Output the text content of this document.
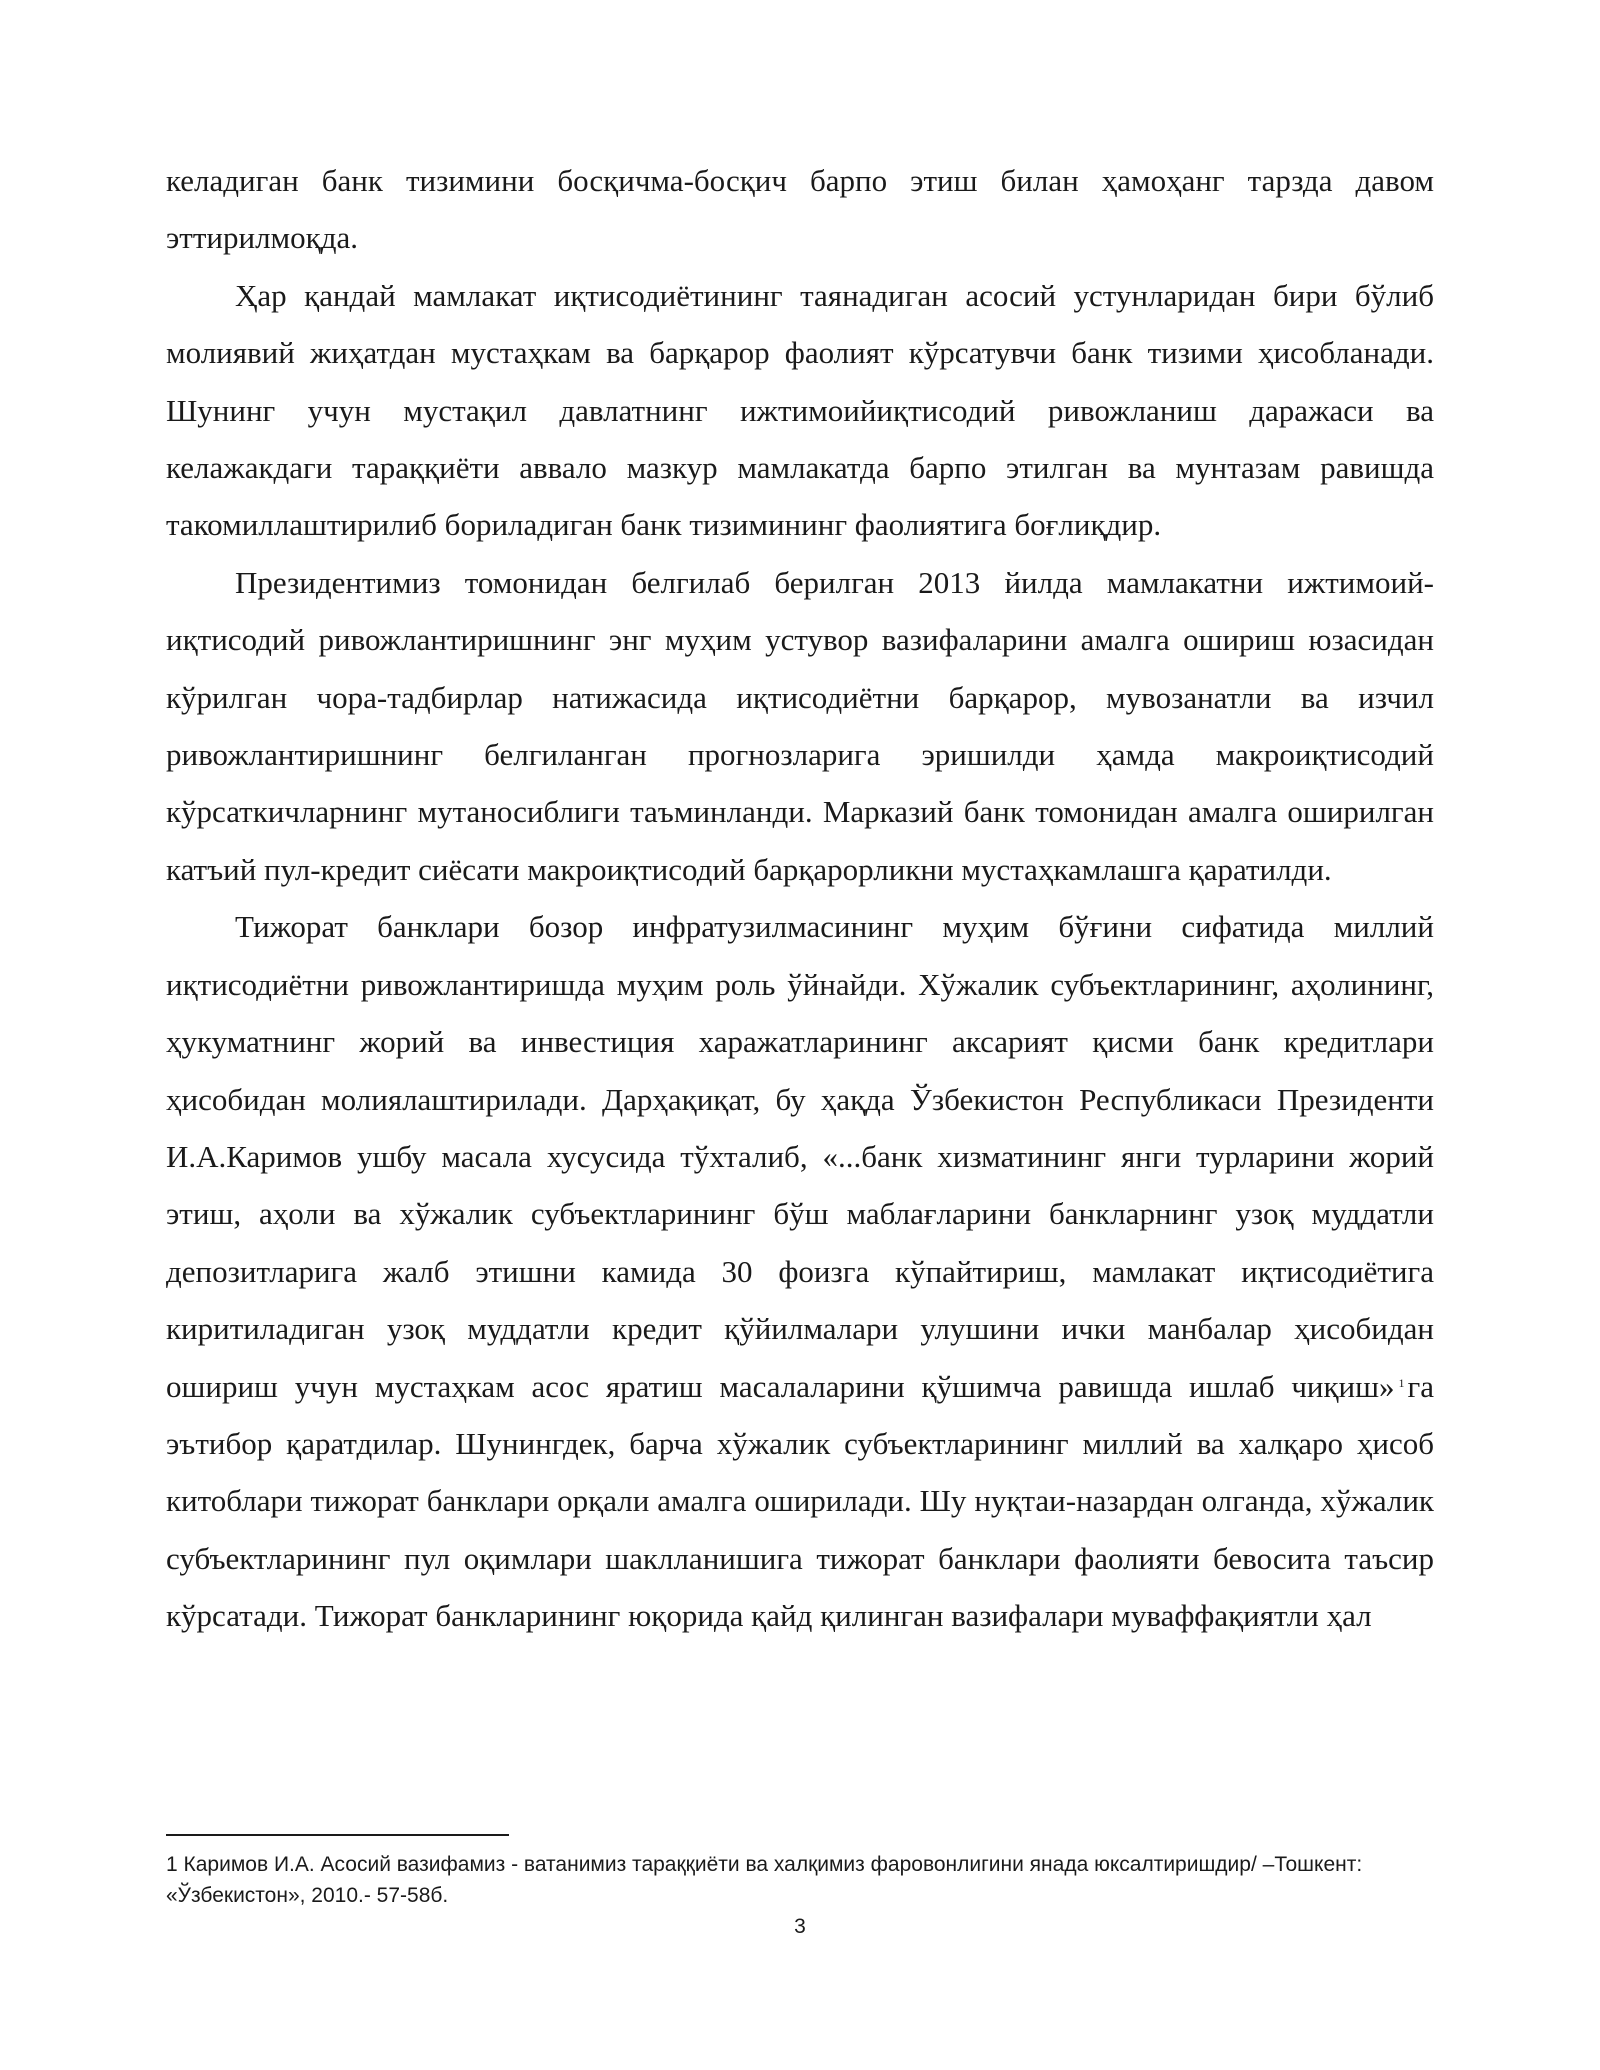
келадиган банк тизимини босқичма-босқич барпо этиш билан ҳамоҳанг тарзда давом эттирилмоқда.

Ҳар қандай мамлакат иқтисодиётининг таянадиган асосий устунларидан бири бўлиб молиявий жиҳатдан мустаҳкам ва барқарор фаолият кўрсатувчи банк тизими ҳисобланади. Шунинг учун мустақил давлатнинг ижтимоийиқтисодий ривожланиш даражаси ва келажакдаги тараққиёти аввало мазкур мамлакатда барпо этилган ва мунтазам равишда такомиллаштирилиб бориладиган банк тизимининг фаолиятига боғлиқдир.

Президентимиз томонидан белгилаб берилган 2013 йилда мамлакатни ижтимоий-иқтисодий ривожлантиришнинг энг муҳим устувор вазифаларини амалга ошириш юзасидан кўрилган чора-тадбирлар натижасида иқтисодиётни барқарор, мувозанатли ва изчил ривожлантиришнинг белгиланган прогнозларига эришилди ҳамда макроиқтисодий кўрсаткичларнинг мутаносиблиги таъминланди. Марказий банк томонидан амалга оширилган катъий пул-кредит сиёсати макроиқтисодий барқарорликни мустаҳкамлашга қаратилди.

Тижорат банклари бозор инфратузилмасининг муҳим бўғини сифатида миллий иқтисодиётни ривожлантиришда муҳим роль ўйнайди. Хўжалик субъектларининг, аҳолининг, ҳукуматнинг жорий ва инвестиция харажатларининг аксарият қисми банк кредитлари ҳисобидан молиялаштирилади. Дарҳақиқат, бу ҳақда Ўзбекистон Республикаси Президенти И.А.Каримов ушбу масала хусусида тўхталиб, «...банк хизматининг янги турларини жорий этиш, аҳоли ва хўжалик субъектларининг бўш маблағларини банкларнинг узоқ муддатли депозитларига жалб этишни камида 30 фоизга кўпайтириш, мамлакат иқтисодиётига киритиладиган узоқ муддатли кредит қўйилмалари улушини ички манбалар ҳисобидан ошириш учун мустаҳкам асос яратиш масалаларини қўшимча равишда ишлаб чиқиш» $^1$га эътибор қаратдилар. Шунингдек, барча хўжалик субъектларининг миллий ва халқаро ҳисоб китоблари тижорат банклари орқали амалга оширилади. Шу нуқтаи-назардан олганда, хўжалик субъектларининг пул оқимлари шаклланишига тижорат банклари фаолияти бевосита таъсир кўрсатади. Тижорат банкларининг юқорида қайд қилинган вазифалари муваффақиятли ҳал

1 Каримов И.А. Асосий вазифамиз - ватанимиз тараққиёти ва халқимиз фаровонлигини янада юксалтиришдир/ –Тошкент: «Ўзбекистон», 2010.- 57-58б.
3
